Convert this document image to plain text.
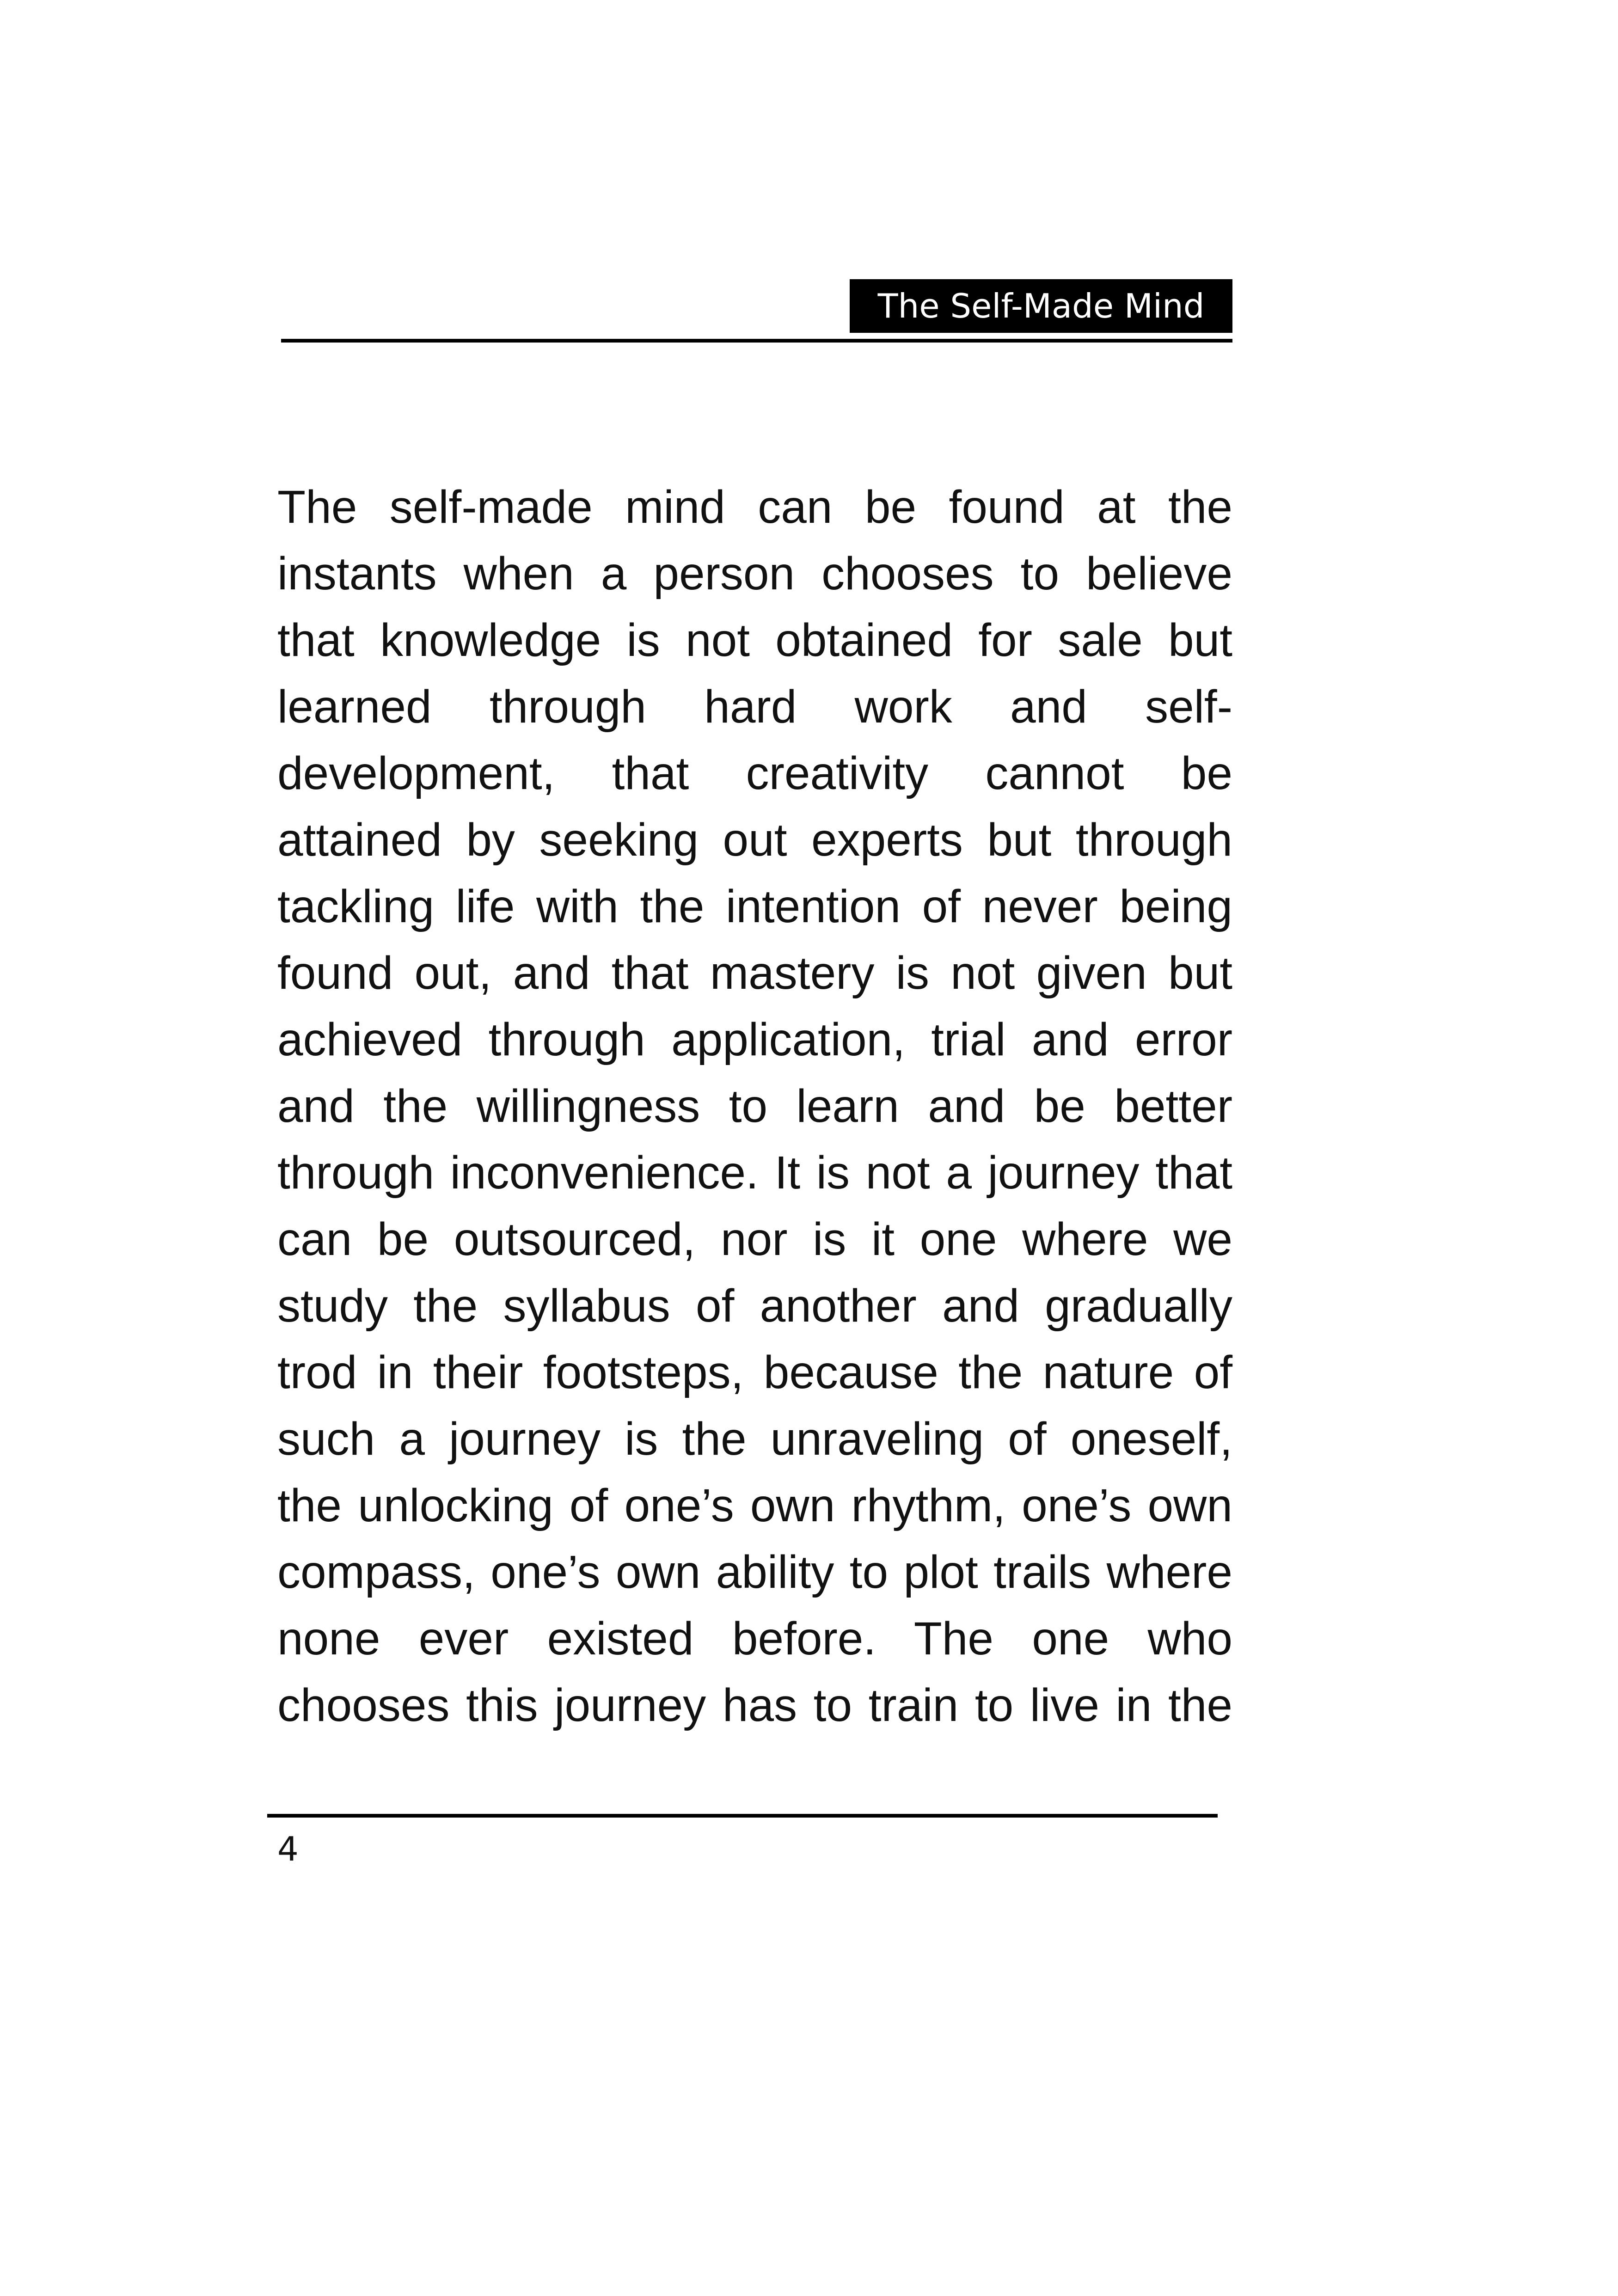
The Self-Made Mind
The self-made mind can be found at the
instants when a person chooses to believe
that knowledge is not obtained for sale but
learned through hard work and self-
development, that creativity cannot be
attained by seeking out experts but through
tackling life with the intention of never being
found out, and that mastery is not given but
achieved through application, trial and error
and the willingness to learn and be better
through inconvenience. It is not a journey that
can be outsourced, nor is it one where we
study the syllabus of another and gradually
trod in their footsteps, because the nature of
such a journey is the unraveling of oneself,
the unlocking of one’s own rhythm, one’s own
compass, one’s own ability to plot trails where
none ever existed before. The one who
chooses this journey has to train to live in the
4
